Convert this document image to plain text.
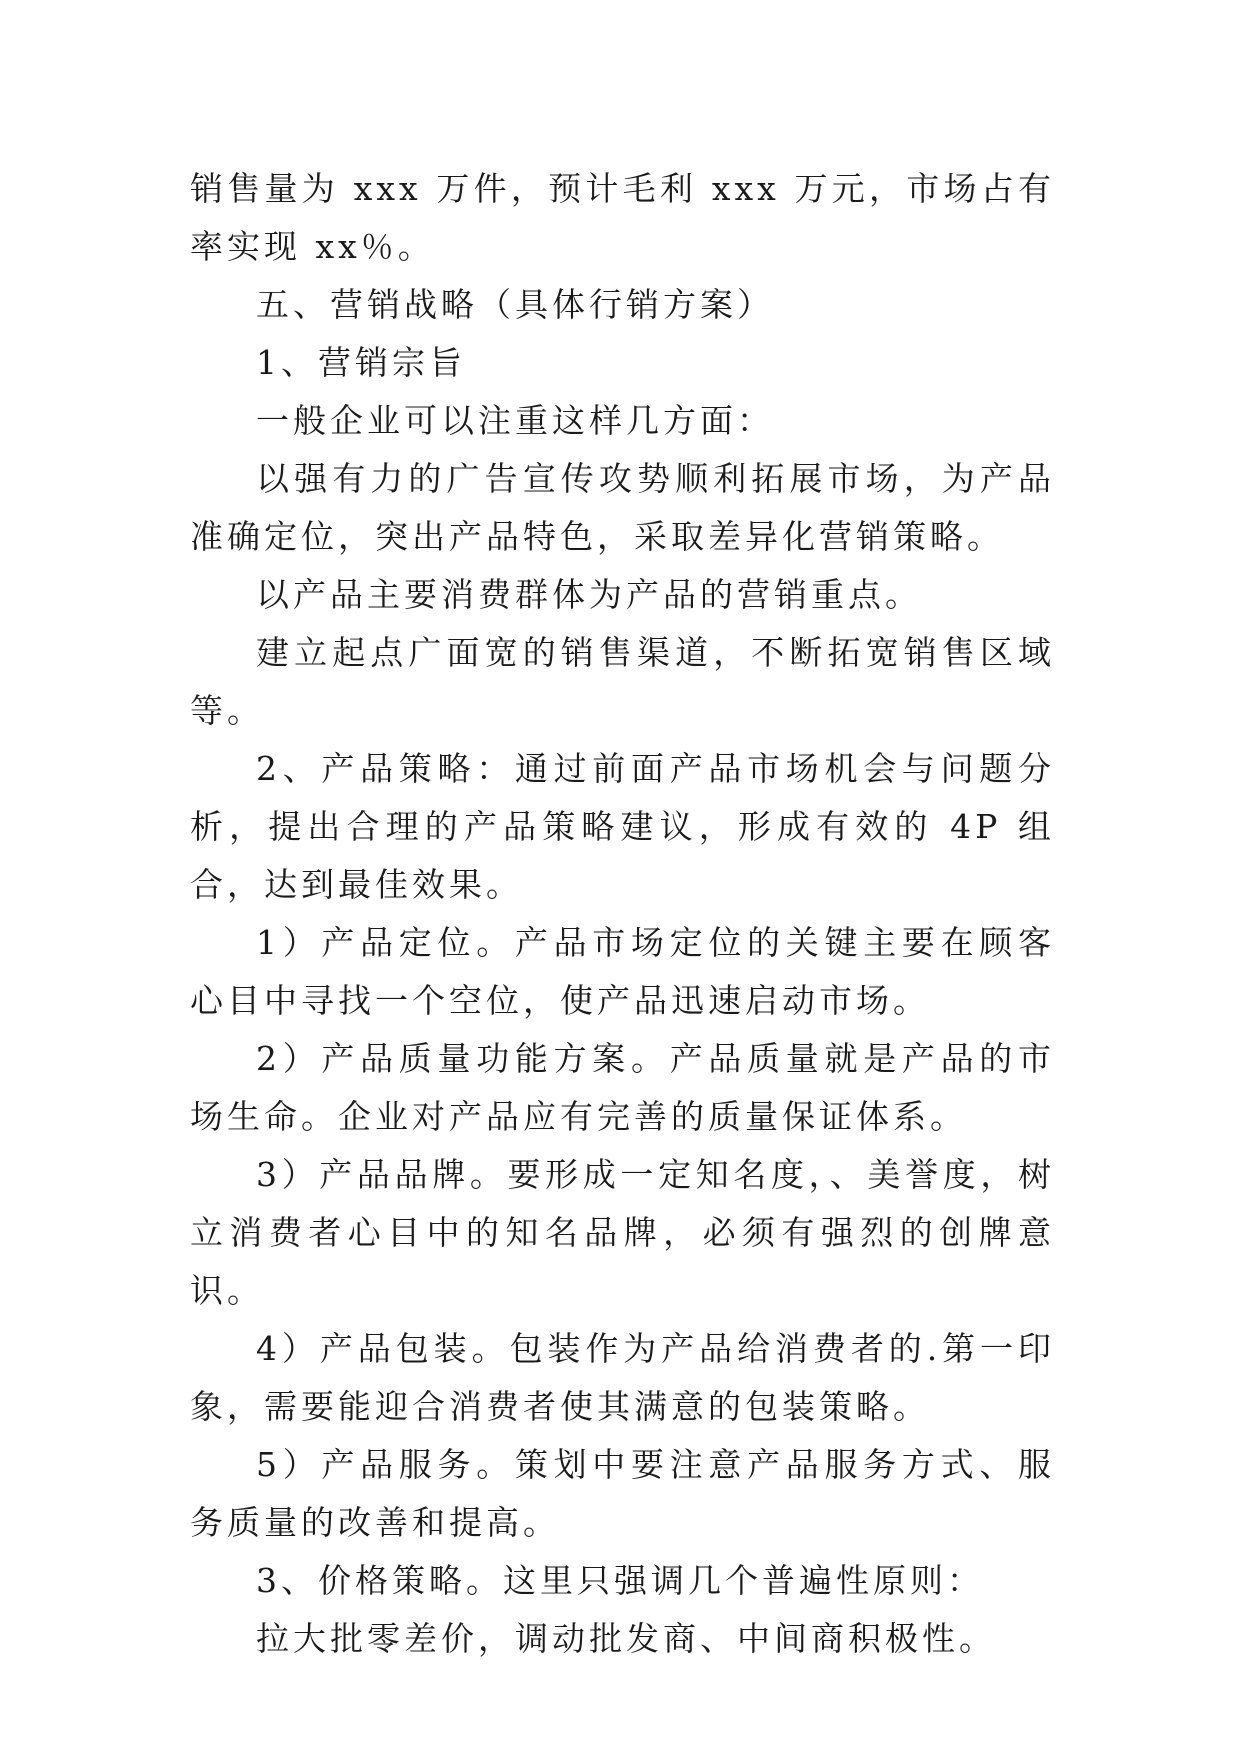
销售量为 xxx 万件，预计毛利 xxx 万元，市场占有率实现 xx％。

五、营销战略（具体行销方案）

1、营销宗旨

一般企业可以注重这样几方面：

以强有力的广告宣传攻势顺利拓展市场，为产品准确定位，突出产品特色，采取差异化营销策略。

以产品主要消费群体为产品的营销重点。

建立起点广面宽的销售渠道，不断拓宽销售区域等。

2、产品策略：通过前面产品市场机会与问题分析，提出合理的产品策略建议，形成有效的 4P 组合，达到最佳效果。

1）产品定位。产品市场定位的关键主要在顾客心目中寻找一个空位，使产品迅速启动市场。

2）产品质量功能方案。产品质量就是产品的市场生命。企业对产品应有完善的质量保证体系。

3）产品品牌。要形成一定知名度，、美誉度，树立消费者心目中的知名品牌，必须有强烈的创牌意识。

4）产品包装。包装作为产品给消费者的.第一印象，需要能迎合消费者使其满意的包装策略。

5）产品服务。策划中要注意产品服务方式、服务质量的改善和提高。

3、价格策略。这里只强调几个普遍性原则：

拉大批零差价，调动批发商、中间商积极性。
